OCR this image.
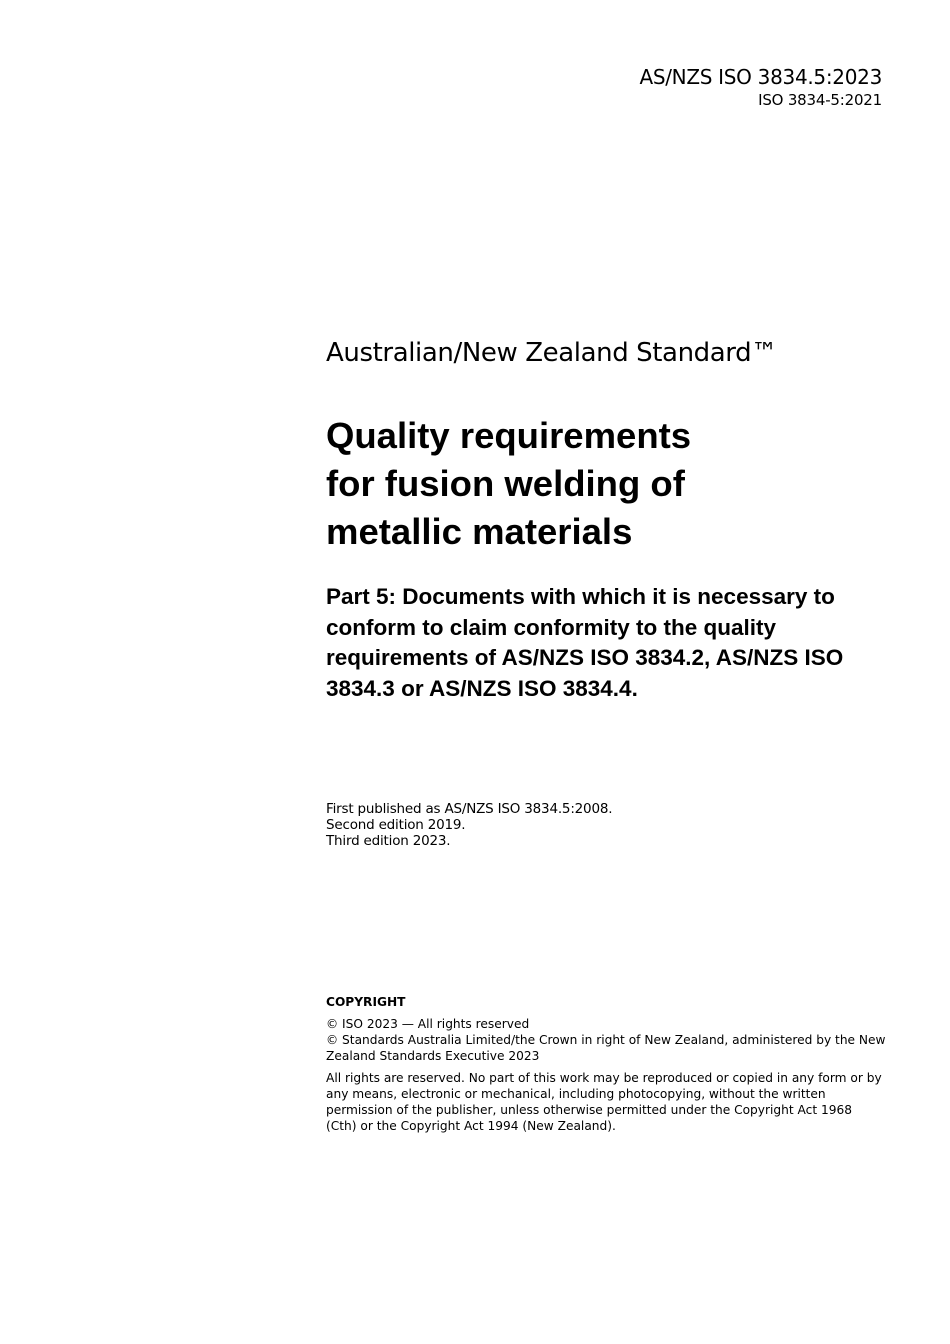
AS/NZS ISO 3834.5:2023
ISO 3834-5:2021
Australian/New Zealand Standard™
Quality requirements
for fusion welding of
metallic materials
Part 5: Documents with which it is necessary to conform to claim conformity to the quality requirements of AS/NZS ISO 3834.2, AS/NZS ISO 3834.3 or AS/NZS ISO 3834.4.
First published as AS/NZS ISO 3834.5:2008.
Second edition 2019.
Third edition 2023.
COPYRIGHT
© ISO 2023 — All rights reserved
© Standards Australia Limited/the Crown in right of New Zealand, administered by the New Zealand Standards Executive 2023
All rights are reserved. No part of this work may be reproduced or copied in any form or by any means, electronic or mechanical, including photocopying, without the written permission of the publisher, unless otherwise permitted under the Copyright Act 1968 (Cth) or the Copyright Act 1994 (New Zealand).
